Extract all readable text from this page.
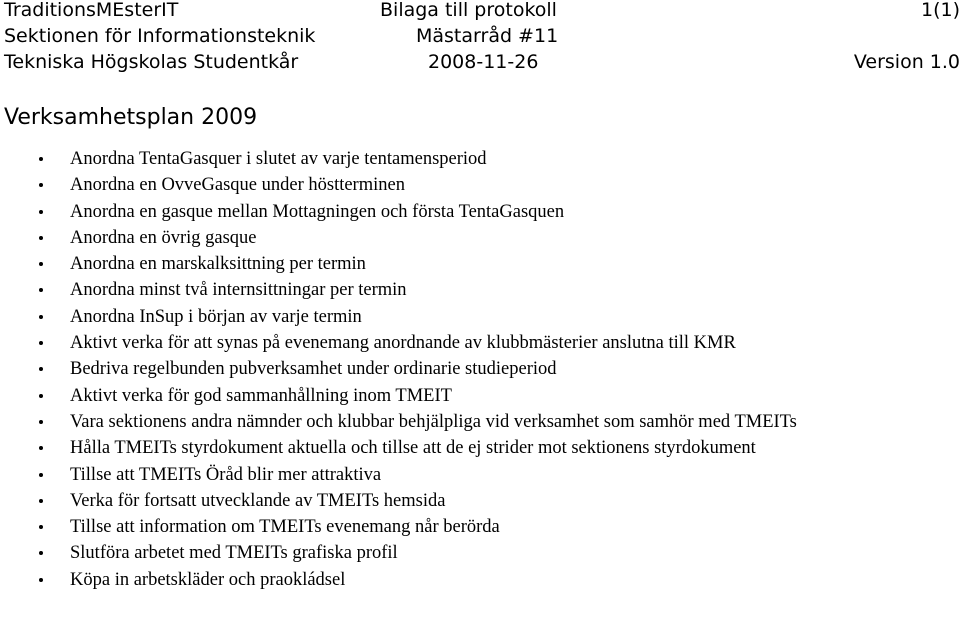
TraditionsMEsterIT	Bilaga till protokoll	1(1)
Sektionen för Informationsteknik	Mästarråd #11
Tekniska Högskolas Studentkår	2008-11-26	Version 1.0
Verksamhetsplan 2009
Anordna TentaGasquer i slutet av varje tentamensperiod
Anordna en OvveGasque under höstterminen
Anordna en gasque mellan Mottagningen och första TentaGasquen
Anordna en övrig gasque
Anordna en marskalksittning per termin
Anordna minst två internsittningar per termin
Anordna InSup i början av varje termin
Aktivt verka för att synas på evenemang anordnande av klubbmästerier anslutna till KMR
Bedriva regelbunden pubverksamhet under ordinarie studieperiod
Aktivt verka för god sammanhållning inom TMEIT
Vara sektionens andra nämnder och klubbar behjälpliga vid verksamhet som samhör med TMEITs
Hålla TMEITs styrdokument aktuella och tillse att de ej strider mot sektionens styrdokument
Tillse att TMEITs Öråd blir mer attraktiva
Verka för fortsatt utvecklande av TMEITs hemsida
Tillse att information om TMEITs evenemang når berörda
Slutföra arbetet med TMEITs grafiska profil
Köpa in arbetskläder och praokládsel
